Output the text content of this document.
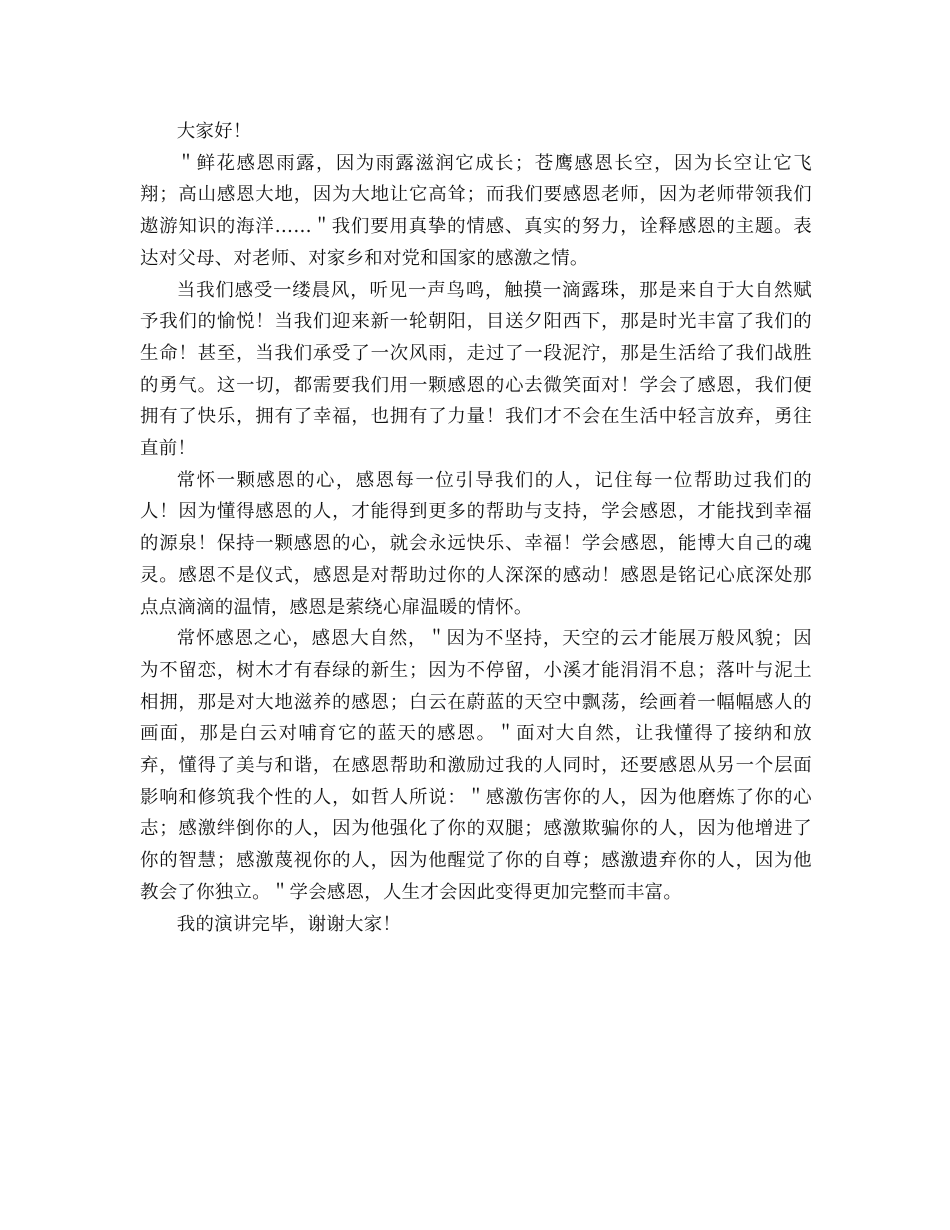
大家好！

＂鲜花感恩雨露，因为雨露滋润它成长；苍鹰感恩长空，因为长空让它飞翔；高山感恩大地，因为大地让它高耸；而我们要感恩老师，因为老师带领我们遨游知识的海洋……＂我们要用真挚的情感、真实的努力，诠释感恩的主题。表达对父母、对老师、对家乡和对党和国家的感激之情。

当我们感受一缕晨风，听见一声鸟鸣，触摸一滴露珠，那是来自于大自然赋予我们的愉悦！当我们迎来新一轮朝阳，目送夕阳西下，那是时光丰富了我们的生命！甚至，当我们承受了一次风雨，走过了一段泥泞，那是生活给了我们战胜的勇气。这一切，都需要我们用一颗感恩的心去微笑面对！学会了感恩，我们便拥有了快乐，拥有了幸福，也拥有了力量！我们才不会在生活中轻言放弃，勇往直前！

常怀一颗感恩的心，感恩每一位引导我们的人，记住每一位帮助过我们的人！因为懂得感恩的人，才能得到更多的帮助与支持，学会感恩，才能找到幸福的源泉！保持一颗感恩的心，就会永远快乐、幸福！学会感恩，能博大自己的魂灵。感恩不是仪式，感恩是对帮助过你的人深深的感动！感恩是铭记心底深处那点点滴滴的温情，感恩是萦绕心扉温暖的情怀。

常怀感恩之心，感恩大自然，＂因为不坚持，天空的云才能展万般风貌；因为不留恋，树木才有春绿的新生；因为不停留，小溪才能涓涓不息；落叶与泥土相拥，那是对大地滋养的感恩；白云在蔚蓝的天空中飘荡，绘画着一幅幅感人的画面，那是白云对哺育它的蓝天的感恩。＂面对大自然，让我懂得了接纳和放弃，懂得了美与和谐，在感恩帮助和激励过我的人同时，还要感恩从另一个层面影响和修筑我个性的人，如哲人所说：＂感激伤害你的人，因为他磨炼了你的心志；感激绊倒你的人，因为他强化了你的双腿；感激欺骗你的人，因为他增进了你的智慧；感激蔑视你的人，因为他醒觉了你的自尊；感激遗弃你的人，因为他教会了你独立。＂学会感恩，人生才会因此变得更加完整而丰富。

我的演讲完毕，谢谢大家！
